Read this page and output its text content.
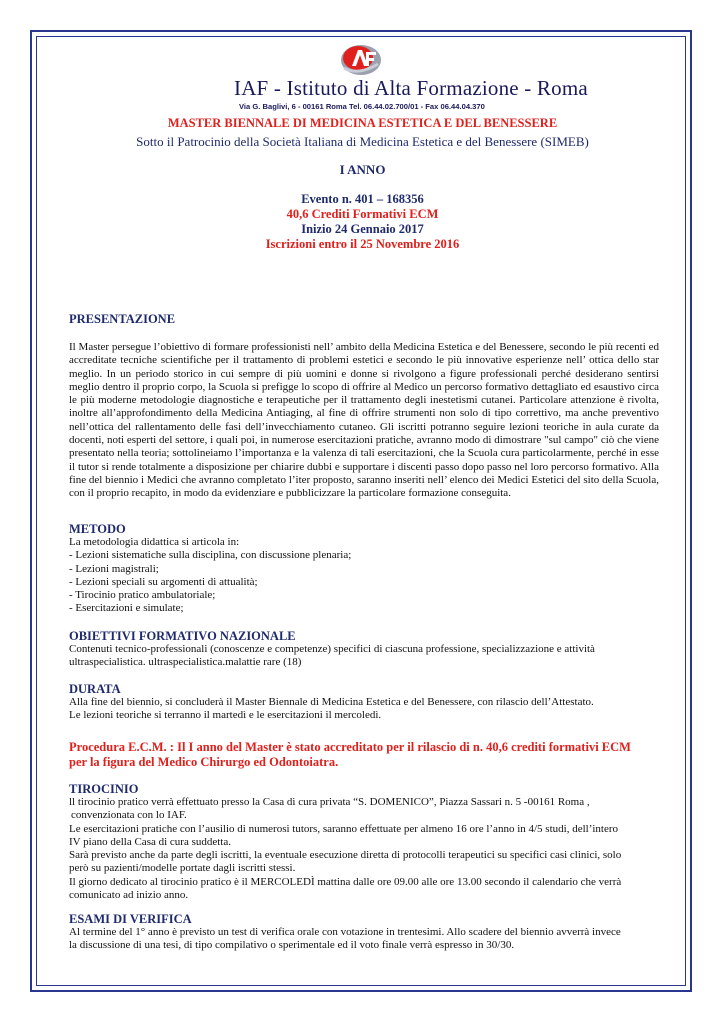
IAF - Istituto di Alta Formazione - Roma
Via G. Baglivi, 6 - 00161 Roma Tel. 06.44.02.700/01 - Fax 06.44.04.370
MASTER BIENNALE DI MEDICINA ESTETICA E DEL BENESSERE
Sotto il Patrocinio della Società Italiana di Medicina Estetica e del Benessere (SIMEB)
I ANNO
Evento n. 401 – 168356
40,6 Crediti Formativi ECM
Inizio 24 Gennaio 2017
Iscrizioni entro il 25 Novembre 2016

PRESENTAZIONE

Il Master persegue l’obiettivo di formare professionisti nell’ ambito della Medicina Estetica e del Benessere, secondo le più recenti ed accreditate tecniche scientifiche per il trattamento di problemi estetici e secondo le più innovative esperienze nell’ ottica dello star meglio. In un periodo storico in cui sempre di più uomini e donne si rivolgono a figure professionali perché desiderano sentirsi meglio dentro il proprio corpo, la Scuola si prefigge lo scopo di offrire al Medico un percorso formativo dettagliato ed esaustivo circa le più moderne metodologie diagnostiche e terapeutiche per il trattamento degli inestetismi cutanei. Particolare attenzione è rivolta, inoltre all’approfondimento della Medicina Antiaging, al fine di offrire strumenti non solo di tipo correttivo, ma anche preventivo nell’ottica del rallentamento delle fasi dell’invecchiamento cutaneo. Gli iscritti potranno seguire lezioni teoriche in aula curate da docenti, noti esperti del settore, i quali poi, in numerose esercitazioni pratiche, avranno modo di dimostrare "sul campo" ciò che viene presentato nella teoria; sottolineiamo l’importanza e la valenza di tali esercitazioni, che la Scuola cura particolarmente, perché in esse il tutor si rende totalmente a disposizione per chiarire dubbi e supportare i discenti passo dopo passo nel loro percorso formativo. Alla fine del biennio i Medici che avranno completato l’iter proposto, saranno inseriti nell’ elenco dei Medici Estetici del sito della Scuola, con il proprio recapito, in modo da evidenziare e pubblicizzare la particolare formazione conseguita.

METODO

La metodologia didattica si articola in:

- Lezioni sistematiche sulla disciplina, con discussione plenaria;

- Lezioni magistrali;

- Lezioni speciali su argomenti di attualità;

- Tirocinio pratico ambulatoriale;

- Esercitazioni e simulate;

OBIETTIVI FORMATIVO NAZIONALE

Contenuti tecnico-professionali (conoscenze e competenze) specifici di ciascuna professione, specializzazione e attività

ultraspecialistica. ultraspecialistica.malattie rare (18)

DURATA

Alla fine del biennio, si concluderà il Master Biennale di Medicina Estetica e del Benessere, con rilascio dell’Attestato.

Le lezioni teoriche si terranno il martedì e le esercitazioni il mercoledì.

Procedura E.C.M. : Il I anno del Master è stato accreditato per il rilascio di n. 40,6 crediti formativi ECM

per la figura del Medico Chirurgo ed Odontoiatra.

TIROCINIO

ll tirocinio pratico verrà effettuato presso la Casa di cura privata “S. DOMENICO”, Piazza Sassari n. 5 -00161 Roma ,

convenzionata con lo IAF.

Le esercitazioni pratiche con l’ausilio di numerosi tutors, saranno effettuate per almeno 16 ore l’anno in 4/5 studi, dell’intero

IV piano della Casa di cura suddetta.

Sarà previsto anche da parte degli iscritti, la eventuale esecuzione diretta di protocolli terapeutici su specifici casi clinici, solo

però su pazienti/modelle portate dagli iscritti stessi.

Il giorno dedicato al tirocinio pratico è il MERCOLEDÌ mattina dalle ore 09.00 alle ore 13.00 secondo il calendario che verrà

comunicato ad inizio anno.

ESAMI DI VERIFICA

Al termine del 1° anno è previsto un test di verifica orale con votazione in trentesimi. Allo scadere del biennio avverrà invece

la discussione di una tesi, di tipo compilativo o sperimentale ed il voto finale verrà espresso in 30/30.
